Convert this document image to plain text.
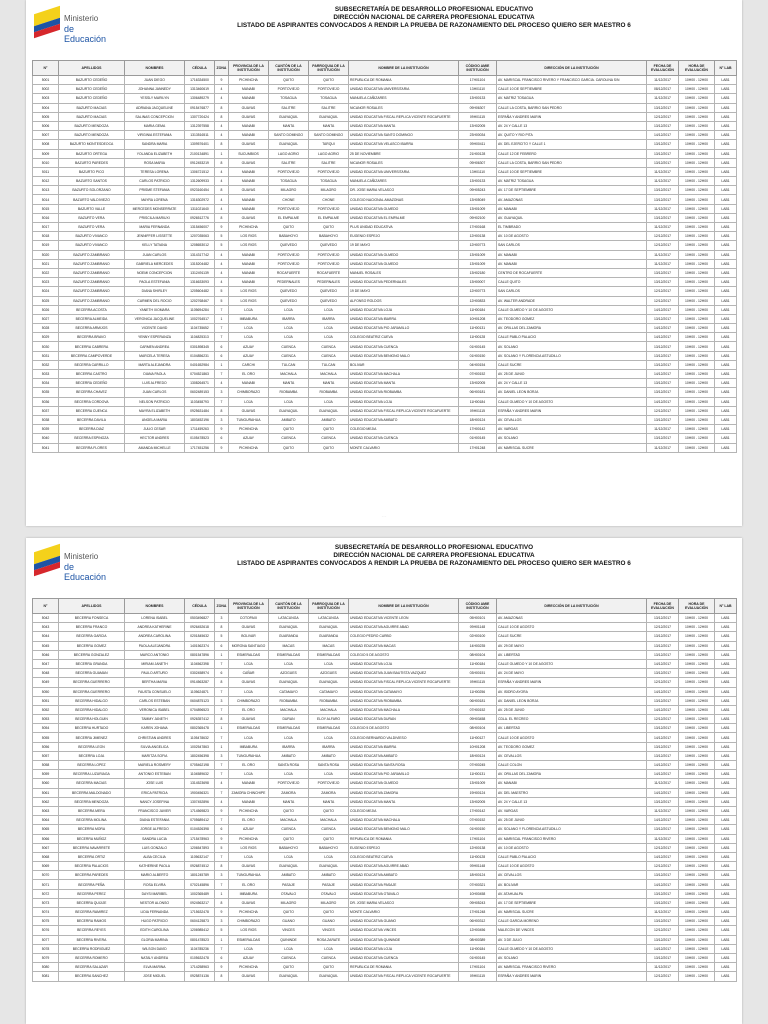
Ministerio
de Educación
SUBSECRETARÍA DE DESARROLLO PROFESIONAL EDUCATIVO
DIRECCIÓN NACIONAL DE CARRERA PROFESIONAL EDUCATIVA
LISTADO DE ASPIRANTES CONVOCADOS A RENDIR LA PRUEBA DE RAZONAMIENTO DEL PROCESO QUIERO SER MAESTRO 6
N°	APELLIDOS	NOMBRES	CÉDULA	ZONA	PROVINCIA DE LA INSTITUCIÓN	CANTÓN DE LA INSTITUCIÓN	PARROQUIA DE LA INSTITUCIÓN	NOMBRE DE LA INSTITUCIÓN	CÓDIGO AMIE INSTITUCIÓN	DIRECCIÓN DE LA INSTITUCIÓN	FECHA DE EVALUACIÓN	HORA DE EVALUACIÓN	N° LAB
5001	BAZURTO CEDEÑO	JUAN DIEGO	1716334500	9	PICHINCHA	QUITO	QUITO	REPUBLICA DE ROMANIA	17H01104	AV. MARISCAL FRANCISCO RIVERO Y FRANCISCO GARCIA. CAROLINA S/N	11/12/2017	10H00 - 12H00	LAB1
5002	BAZURTO CEDEÑO	JOHANNA JANNEDY	1313460619	4	MANABI	PORTOVIEJO	PORTOVIEJO	UNIDAD EDUCATIVA UNIVERSITARIA	13H01110	CALLE 10 DE SEPTIEMBRE	08/12/2017	10H00 - 12H00	LAB1
5003	BAZURTO CEDEÑO	YESSLY MARILYN	1306489279	4	MANABI	TOSAGUA	TOSAGUA	MANUELA CAÑIZARES	13H00133	AV. MATRIZ TOSAGUA	11/12/2017	10H00 - 12H00	LAB1
5004	BAZURTO MACIAS	ADRIANA JACQUELINE	0915476877	8	GUAYAS	SALITRE	SALITRE	NICANOR ROSALES	09H06307	CALLE LA COSTA, BARRIO SAN PEDRO	13/12/2017	10H00 - 12H00	LAB1
5005	BAZURTO MACIAS	SALINAS CONCEPCION	1307720424	8	GUAYAS	GUAYAQUIL	GUAYAQUIL	UNIDAD EDUCATIVA FISCAL REPLICA VICENTE ROCAFUERTE	09H01115	ESPAÑA Y ANDRES MARIN	12/12/2017	10H00 - 12H00	LAB1
5006	BAZURTO MENDOZA	MARIA GEMA	1312397558	4	MANABI	MANTA	MANTA	UNIDAD EDUCATIVA MANTA	13H02005	AV. 24 Y CALLE 13	13/12/2017	10H00 - 12H00	LAB1
5007	BAZURTO MENDOZA	VIRGINIA ESTEFANIA	1313516511	4	MANABI	SANTO DOMINGO	SANTO DOMINGO	UNIDAD EDUCATIVA SANTO DOMINGO	23H00034	AV. QUITO Y RIO PITA	14/12/2017	10H00 - 12H00	LAB1
5008	BAZURTO MONTESDEOCA	SANDRA MARIA	1309576401	8	GUAYAS	GUAYAQUIL	TARQUI	UNIDAD EDUCATIVA VELASCO IBARRA	09H00411	AV. DEL EJERCITO Y CALLE 1	13/12/2017	10H00 - 12H00	LAB1
5009	BAZURTO ORTEGA	YOLANDA ELIZABETH	2100134891	1	SUCUMBIOS	LAGO AGRIO	LAGO AGRIO	25 DE NOVIEMBRE	21H00128	CALLE 12 DE FEBRERO	13/12/2017	10H00 - 12H00	LAB1
5010	BAZURTO PAREDES	ROSA MARIA	0912453219	8	GUAYAS	SALITRE	SALITRE	NICANOR ROSALES	09H06307	CALLE LA COSTA, BARRIO SAN PEDRO	13/12/2017	10H00 - 12H00	LAB1
5011	BAZURTO PICO	TERESA LORENA	1306721512	4	MANABI	PORTOVIEJO	PORTOVIEJO	UNIDAD EDUCATIVA UNIVERSITARIA	13H01110	CALLE 10 DE SEPTIEMBRE	11/12/2017	10H00 - 12H00	LAB1
5012	BAZURTO SANTOS	CARLOS PATRICIO	1312609933	4	MANABI	TOSAGUA	TOSAGUA	MANUELA CAÑIZARES	13H00133	AV. MATRIZ TOSAGUA	11/12/2017	10H00 - 12H00	LAB1
5013	BAZURTO SOLORZANO	PRISME STEFANIA	0923160454	8	GUAYAS	MILAGRO	MILAGRO	DR. JOSE MARIA VELASCO	09H05243	AV. 17 DE SEPTIEMBRE	13/12/2017	10H00 - 12H00	LAB1
5014	BAZURTO VALDIVIEZO	MAYRA LORENA	1316302972	4	MANABI	CHONE	CHONE	COLEGIO NACIONAL AMAZONAS	13H05049	AV. AMAZONAS	13/12/2017	10H00 - 12H00	LAB1
5015	BAZURTO VALLE	MERCEDES MONSERRATE	1311021640	4	MANABI	PORTOVIEJO	PORTOVIEJO	UNIDAD EDUCATIVA OLMEDO	13H01009	AV. MANABI	11/12/2017	10H00 - 12H00	LAB1
5016	BAZURTO VERA	PRISCILA MARIUXI	0926512776	8	GUAYAS	EL EMPALME	EL EMPALME	UNIDAD EDUCATIVA EL EMPALME	09H02100	AV. GUAYAQUIL	13/12/2017	10H00 - 12H00	LAB1
5017	BAZURTO VERA	MARIA FERNANDA	1315456007	9	PICHINCHA	QUITO	QUITO	PLUS UNIDAD EDUCATIVA	17H00168	EL TIMBRADO	11/12/2017	10H00 - 12H00	LAB1
5018	BAZURTO VIVANCO	JENNIFFER LISSETTE	1207035063	5	LOS RIOS	BABAHOYO	BABAHOYO	EUGENIO ESPEJO	12H00138	AV. 10 DE AGOSTO	12/12/2017	10H00 - 12H00	LAB1
5019	BAZURTO VIVANCO	KELLY TATIANA	1208653012	5	LOS RIOS	QUEVEDO	QUEVEDO	19 DE MAYO	12H00773	SAN CARLOS	12/12/2017	10H00 - 12H00	LAB1
5020	BAZURTO ZAMBRANO	JUAN CARLOS	1314317742	4	MANABI	PORTOVIEJO	PORTOVIEJO	UNIDAD EDUCATIVA OLMEDO	13H01009	AV. MANABI	11/12/2017	10H00 - 12H00	LAB1
5021	BAZURTO ZAMBRANO	GABRIELA MERCEDES	1315204482	4	MANABI	PORTOVIEJO	PORTOVIEJO	UNIDAD EDUCATIVA OLMEDO	13H01009	AV. MANABI	11/12/2017	10H00 - 12H00	LAB1
5022	BAZURTO ZAMBRANO	NOEMI CONCEPCION	1312491139	4	MANABI	ROCAFUERTE	ROCAFUERTE	MANUEL ROSALES	13H02180	CENTRO DE ROCAFUERTE	13/12/2017	10H00 - 12H00	LAB1
5023	BAZURTO ZAMBRANO	PAOLA ESTEFANIA	1316633093	4	MANABI	PEDERNALES	PEDERNALES	UNIDAD EDUCATIVA PEDERNALES	13H00007	CALLE QUITO	13/12/2017	10H00 - 12H00	LAB1
5024	BAZURTO ZAMBRANO	DIANA SHIRLEY	1205604482	5	LOS RIOS	QUEVEDO	QUEVEDO	19 DE MAYO	12H00773	SAN CARLOS	12/12/2017	10H00 - 12H00	LAB1
5025	BAZURTO ZAMBRANO	CARMEN DEL ROCIO	1202768467	5	LOS RIOS	QUEVEDO	QUEVEDO	ALFONSO ROLDOS	12H00833	AV. WALTER ANDRADE	12/12/2017	10H00 - 12H00	LAB1
5026	BECERRA ACOSTA	YANETH XIOMARA	1105694284	7	LOJA	LOJA	LOJA	UNIDAD EDUCATIVA LOJA	11H00184	CALLE OLMEDO Y 10 DE AGOSTO	14/12/2017	10H00 - 12H00	LAB1
5027	BECERRA ALMEIDA	VERONICA JACQUELINE	1002764517	1	IMBABURA	IBARRA	IBARRA	UNIDAD EDUCATIVA IBARRA	10H01208	AV. TEODORO GOMEZ	13/12/2017	10H00 - 12H00	LAB1
5028	BECERRA ARMIJOS	VICENTE DAVID	1104735652	7	LOJA	LOJA	LOJA	UNIDAD EDUCATIVA PIO JARAMILLO	11H00131	AV. ORILLAS DEL ZAMORA	14/12/2017	10H00 - 12H00	LAB1
5029	BECERRA BRAVO	YENNY ESPERANZA	1104825313	7	LOJA	LOJA	LOJA	COLEGIO BEATRIZ CUEVA	11H00128	CALLE PABLO PALACIO	14/12/2017	10H00 - 12H00	LAB1
5030	BECERRA CABRERA	CARMEN ANDREA	0301898345	6	AZUAY	CUENCA	CUENCA	UNIDAD EDUCATIVA CUENCA	01H00145	AV. SOLANO	13/12/2017	10H00 - 12H00	LAB1
5031	BECERRA CAMPOVERDE	MARCELA TERESA	0104856231	6	AZUAY	CUENCA	CUENCA	UNIDAD EDUCATIVA BENIGNO MALO	01H00150	AV. SOLANO Y FLORENCIA ASTUDILLO	13/12/2017	10H00 - 12H00	LAB1
5032	BECERRA CARRILLO	MARTA ALEJANDRA	0401652984	1	CARCHI	TULCAN	TULCAN	BOLIVAR	04H00154	CALLE SUCRE	13/12/2017	10H00 - 12H00	LAB1
5033	BECERRA CASTRO	DIANA PAOLA	0704521863	7	EL ORO	MACHALA	MACHALA	UNIDAD EDUCATIVA MACHALA	07H00152	AV. 25 DE JUNIO	14/12/2017	10H00 - 12H00	LAB1
5034	BECERRA CEDEÑO	LUIS ALFREDO	1308264571	4	MANABI	MANTA	MANTA	UNIDAD EDUCATIVA MANTA	13H02005	AV. 24 Y CALLE 13	13/12/2017	10H00 - 12H00	LAB1
5035	BECERRA CHAVEZ	JUAN CARLOS	0602489153	3	CHIMBORAZO	RIOBAMBA	RIOBAMBA	UNIDAD EDUCATIVA RIOBAMBA	06H00181	AV. DANIEL LEON BORJA	13/12/2017	10H00 - 12H00	LAB1
5036	BECERRA CORDOVA	NELSON PATRICIO	1103458793	7	LOJA	LOJA	LOJA	UNIDAD EDUCATIVA LOJA	11H00184	CALLE OLMEDO Y 10 DE AGOSTO	14/12/2017	10H00 - 12H00	LAB1
5037	BECERRA CUENCA	MAYRA ELIZABETH	0925631484	8	GUAYAS	GUAYAQUIL	GUAYAQUIL	UNIDAD EDUCATIVA FISCAL REPLICA VICENTE ROCAFUERTE	09H01115	ESPAÑA Y ANDRES MARIN	12/12/2017	10H00 - 12H00	LAB1
5038	BECERRA DAVILA	ANGELA MARIA	1803452196	3	TUNGURAHUA	AMBATO	AMBATO	UNIDAD EDUCATIVA AMBATO	18H00124	AV. CEVALLOS	13/12/2017	10H00 - 12H00	LAB1
5039	BECERRA DIAZ	JULIO CESAR	1711459263	9	PICHINCHA	QUITO	QUITO	COLEGIO MEJIA	17H00142	AV. VARGAS	11/12/2017	10H00 - 12H00	LAB1
5040	BECERRA ESPINOZA	HECTOR ANDRES	0105478523	6	AZUAY	CUENCA	CUENCA	UNIDAD EDUCATIVA CUENCA	01H00145	AV. SOLANO	13/12/2017	10H00 - 12H00	LAB1
5041	BECERRA FLORES	AMANDA MICHELLE	1717451256	9	PICHINCHA	QUITO	QUITO	MONTE CALVARIO	17H01248	AV. MARISCAL SUCRE	11/12/2017	10H00 - 12H00	LAB1
· · ·
Ministerio
de Educación
SUBSECRETARÍA DE DESARROLLO PROFESIONAL EDUCATIVO
DIRECCIÓN NACIONAL DE CARRERA PROFESIONAL EDUCATIVA
LISTADO DE ASPIRANTES CONVOCADOS A RENDIR LA PRUEBA DE RAZONAMIENTO DEL PROCESO QUIERO SER MAESTRO 6
N°	APELLIDOS	NOMBRES	CÉDULA	ZONA	PROVINCIA DE LA INSTITUCIÓN	CANTÓN DE LA INSTITUCIÓN	PARROQUIA DE LA INSTITUCIÓN	NOMBRE DE LA INSTITUCIÓN	CÓDIGO AMIE INSTITUCIÓN	DIRECCIÓN DE LA INSTITUCIÓN	FECHA DE EVALUACIÓN	HORA DE EVALUACIÓN	N° LAB
5042	BECERRA FONSECA	LORENA ISABEL	0503496827	3	COTOPAXI	LATACUNGA	LATACUNGA	UNIDAD EDUCATIVA VICENTE LEON	05H00101	AV. AMAZONAS	13/12/2017	10H00 - 12H00	LAB1
5043	BECERRA FRANCO	ANDREA KATHERINE	0926452618	8	GUAYAS	GUAYAQUIL	GUAYAQUIL	UNIDAD EDUCATIVA AGUIRRE ABAD	09H01148	CALLE 10 DE AGOSTO	12/12/2017	10H00 - 12H00	LAB1
5044	BECERRA GARCIA	ANDREA CAROLINA	0201845632	5	BOLIVAR	GUARANDA	GUARANDA	COLEGIO PEDRO CARBO	02H00100	CALLE SUCRE	13/12/2017	10H00 - 12H00	LAB1
5045	BECERRA GOMEZ	PAOLA ALEJANDRA	1401562374	6	MORONA SANTIAGO	MACAS	MACAS	UNIDAD EDUCATIVA MACAS	14H00235	AV. 29 DE MAYO	13/12/2017	10H00 - 12H00	LAB1
5046	BECERRA GONZALEZ	MARCO ANTONIO	0801547896	1	ESMERALDAS	ESMERALDAS	ESMERALDAS	COLEGIO 5 DE AGOSTO	08H00104	AV. LIBERTAD	13/12/2017	10H00 - 12H00	LAB1
5047	BECERRA GRANDA	MIRIAM JANETH	1104562398	7	LOJA	LOJA	LOJA	UNIDAD EDUCATIVA LOJA	11H00184	CALLE OLMEDO Y 10 DE AGOSTO	14/12/2017	10H00 - 12H00	LAB1
5048	BECERRA GUAMAN	PAULO ARTURO	0302458974	6	CAÑAR	AZOGUES	AZOGUES	UNIDAD EDUCATIVA JUAN BAUTISTA VAZQUEZ	03H00151	AV. 24 DE MAYO	13/12/2017	10H00 - 12H00	LAB1
5049	BECERRA GUERRERO	BERTHA MARIA	0914563287	8	GUAYAS	GUAYAQUIL	GUAYAQUIL	UNIDAD EDUCATIVA FISCAL REPLICA VICENTE ROCAFUERTE	09H01115	ESPAÑA Y ANDRES MARIN	12/12/2017	10H00 - 12H00	LAB1
5050	BECERRA GUERRERO	FAUSTA CONSUELO	1105624871	7	LOJA	CATAMAYO	CATAMAYO	UNIDAD EDUCATIVA CATAMAYO	11H00256	AV. ISIDRO AYORA	14/12/2017	10H00 - 12H00	LAB1
5051	BECERRA HIDALGO	CARLOS ESTEBAN	0604875123	3	CHIMBORAZO	RIOBAMBA	RIOBAMBA	UNIDAD EDUCATIVA RIOBAMBA	06H00181	AV. DANIEL LEON BORJA	13/12/2017	10H00 - 12H00	LAB1
5052	BECERRA HIDALGO	VERONICA ISABEL	0704896523	7	EL ORO	MACHALA	MACHALA	UNIDAD EDUCATIVA MACHALA	07H00152	AV. 25 DE JUNIO	14/12/2017	10H00 - 12H00	LAB1
5053	BECERRA HOLGUIN	TAMMY JANETH	0926357412	8	GUAYAS	DURAN	ELOY ALFARO	UNIDAD EDUCATIVA DURAN	09H03458	CDLA. EL RECREO	12/12/2017	10H00 - 12H00	LAB1
5054	BECERRA HURTADO	KAREN JOHANA	0802365478	1	ESMERALDAS	ESMERALDAS	ESMERALDAS	COLEGIO 5 DE AGOSTO	08H00104	AV. LIBERTAD	13/12/2017	10H00 - 12H00	LAB1
5055	BECERRA JIMENEZ	CHRISTIAN ANDRES	1105478632	7	LOJA	LOJA	LOJA	COLEGIO BERNARDO VALDIVIESO	11H00127	CALLE 10 DE AGOSTO	14/12/2017	10H00 - 12H00	LAB1
5056	BECERRA LEON	SILVIA ANGELICA	1002547863	1	IMBABURA	IBARRA	IBARRA	UNIDAD EDUCATIVA IBARRA	10H01208	AV. TEODORO GOMEZ	13/12/2017	10H00 - 12H00	LAB1
5057	BECERRA LOJA	MARITZA SOFIA	1802456398	3	TUNGURAHUA	AMBATO	AMBATO	UNIDAD EDUCATIVA AMBATO	18H00124	AV. CEVALLOS	13/12/2017	10H00 - 12H00	LAB1
5058	BECERRA LOPEZ	MARIELA ROSMERY	0705462198	7	EL ORO	SANTA ROSA	SANTA ROSA	UNIDAD EDUCATIVA SANTA ROSA	07H00245	CALLE COLON	14/12/2017	10H00 - 12H00	LAB1
5059	BECERRA LUZURIAGA	ANTONIO ESTEBAN	1104589632	7	LOJA	LOJA	LOJA	UNIDAD EDUCATIVA PIO JARAMILLO	11H00131	AV. ORILLAS DEL ZAMORA	14/12/2017	10H00 - 12H00	LAB1
5060	BECERRA MACIAS	JOSE LUIS	1314523698	4	MANABI	PORTOVIEJO	PORTOVIEJO	UNIDAD EDUCATIVA OLMEDO	13H01009	AV. MANABI	11/12/2017	10H00 - 12H00	LAB1
5061	BECERRA MALDONADO	ERICA PATRICIA	1900456321	7	ZAMORA CHINCHIPE	ZAMORA	ZAMORA	UNIDAD EDUCATIVA ZAMORA	19H00124	AV. DEL MAESTRO	14/12/2017	10H00 - 12H00	LAB1
5062	BECERRA MENDOZA	NANCY JOSEFINA	1307452896	4	MANABI	MANTA	MANTA	UNIDAD EDUCATIVA MANTA	13H02005	AV. 24 Y CALLE 13	13/12/2017	10H00 - 12H00	LAB1
5063	BECERRA MERA	FRANCISCO JAVIER	1714569823	9	PICHINCHA	QUITO	QUITO	COLEGIO MEJIA	17H00142	AV. VARGAS	11/12/2017	10H00 - 12H00	LAB1
5064	BECERRA MOLINA	DIANA ESTEFANIA	0705689412	7	EL ORO	MACHALA	MACHALA	UNIDAD EDUCATIVA MACHALA	07H00152	AV. 25 DE JUNIO	14/12/2017	10H00 - 12H00	LAB1
5065	BECERRA MORA	JORGE ALFREDO	0104526398	6	AZUAY	CUENCA	CUENCA	UNIDAD EDUCATIVA BENIGNO MALO	01H00150	AV. SOLANO Y FLORENCIA ASTUDILLO	13/12/2017	10H00 - 12H00	LAB1
5066	BECERRA MUÑOZ	SANDRA LUCIA	1715478963	9	PICHINCHA	QUITO	QUITO	REPUBLICA DE ROMANIA	17H01104	AV. MARISCAL FRANCISCO RIVERO	11/12/2017	10H00 - 12H00	LAB1
5067	BECERRA NAVARRETE	LUIS GONZALO	1206547893	5	LOS RIOS	BABAHOYO	BABAHOYO	EUGENIO ESPEJO	12H00138	AV. 10 DE AGOSTO	12/12/2017	10H00 - 12H00	LAB1
5068	BECERRA ORTIZ	ALBA CECILIA	1105632147	7	LOJA	LOJA	LOJA	COLEGIO BEATRIZ CUEVA	11H00128	CALLE PABLO PALACIO	14/12/2017	10H00 - 12H00	LAB1
5069	BECERRA PALACIOS	KATHERINE PAOLA	0926874512	8	GUAYAS	GUAYAQUIL	GUAYAQUIL	UNIDAD EDUCATIVA AGUIRRE ABAD	09H01148	CALLE 10 DE AGOSTO	12/12/2017	10H00 - 12H00	LAB1
5070	BECERRA PAREDES	MARIO ALBERTO	1801245789	3	TUNGURAHUA	AMBATO	AMBATO	UNIDAD EDUCATIVA AMBATO	18H00124	AV. CEVALLOS	13/12/2017	10H00 - 12H00	LAB1
5071	BECERRA PEÑA	ROSA ELVIRA	0702145896	7	EL ORO	PASAJE	PASAJE	UNIDAD EDUCATIVA PASAJE	07H00321	AV. BOLIVAR	14/12/2017	10H00 - 12H00	LAB1
5072	BECERRA PEREZ	DAYSI MARIBEL	1002365489	1	IMBABURA	OTAVALO	OTAVALO	UNIDAD EDUCATIVA OTAVALO	10H00458	AV. ATAHUALPA	13/12/2017	10H00 - 12H00	LAB1
5073	BECERRA QUIJIJE	NESTOR ALONSO	0924563217	8	GUAYAS	MILAGRO	MILAGRO	DR. JOSE MARIA VELASCO	09H05243	AV. 17 DE SEPTIEMBRE	13/12/2017	10H00 - 12H00	LAB1
5074	BECERRA RAMIREZ	LIDIA FERNANDA	1715632478	9	PICHINCHA	QUITO	QUITO	MONTE CALVARIO	17H01248	AV. MARISCAL SUCRE	11/12/2017	10H00 - 12H00	LAB1
5075	BECERRA RAMOS	HUGO PATRICIO	0604125873	3	CHIMBORAZO	GUANO	GUANO	UNIDAD EDUCATIVA GUANO	06H00312	CALLE GARCIA MORENO	13/12/2017	10H00 - 12H00	LAB1
5076	BECERRA REYES	EDITH CAROLINA	1206985412	5	LOS RIOS	VINCES	VINCES	UNIDAD EDUCATIVA VINCES	12H00456	MALECON DE VINCES	12/12/2017	10H00 - 12H00	LAB1
5077	BECERRA RIVERA	GLORIA MARINA	0801478523	1	ESMERALDAS	QUININDE	ROSA ZARATE	UNIDAD EDUCATIVA QUININDE	08H00389	AV. 3 DE JULIO	13/12/2017	10H00 - 12H00	LAB1
5078	BECERRA RODRIGUEZ	WILSON DAVID	1104785236	7	LOJA	LOJA	LOJA	UNIDAD EDUCATIVA LOJA	11H00184	CALLE OLMEDO Y 10 DE AGOSTO	14/12/2017	10H00 - 12H00	LAB1
5079	BECERRA ROMERO	NATALY ANDREA	0105632478	6	AZUAY	CUENCA	CUENCA	UNIDAD EDUCATIVA CUENCA	01H00145	AV. SOLANO	13/12/2017	10H00 - 12H00	LAB1
5080	BECERRA SALAZAR	ELVA MARINA	1714258963	9	PICHINCHA	QUITO	QUITO	REPUBLICA DE ROMANIA	17H01104	AV. MARISCAL FRANCISCO RIVERO	11/12/2017	10H00 - 12H00	LAB1
5081	BECERRA SANCHEZ	JOSE MIGUEL	0925874136	8	GUAYAS	GUAYAQUIL	GUAYAQUIL	UNIDAD EDUCATIVA FISCAL REPLICA VICENTE ROCAFUERTE	09H01115	ESPAÑA Y ANDRES MARIN	12/12/2017	10H00 - 12H00	LAB1
